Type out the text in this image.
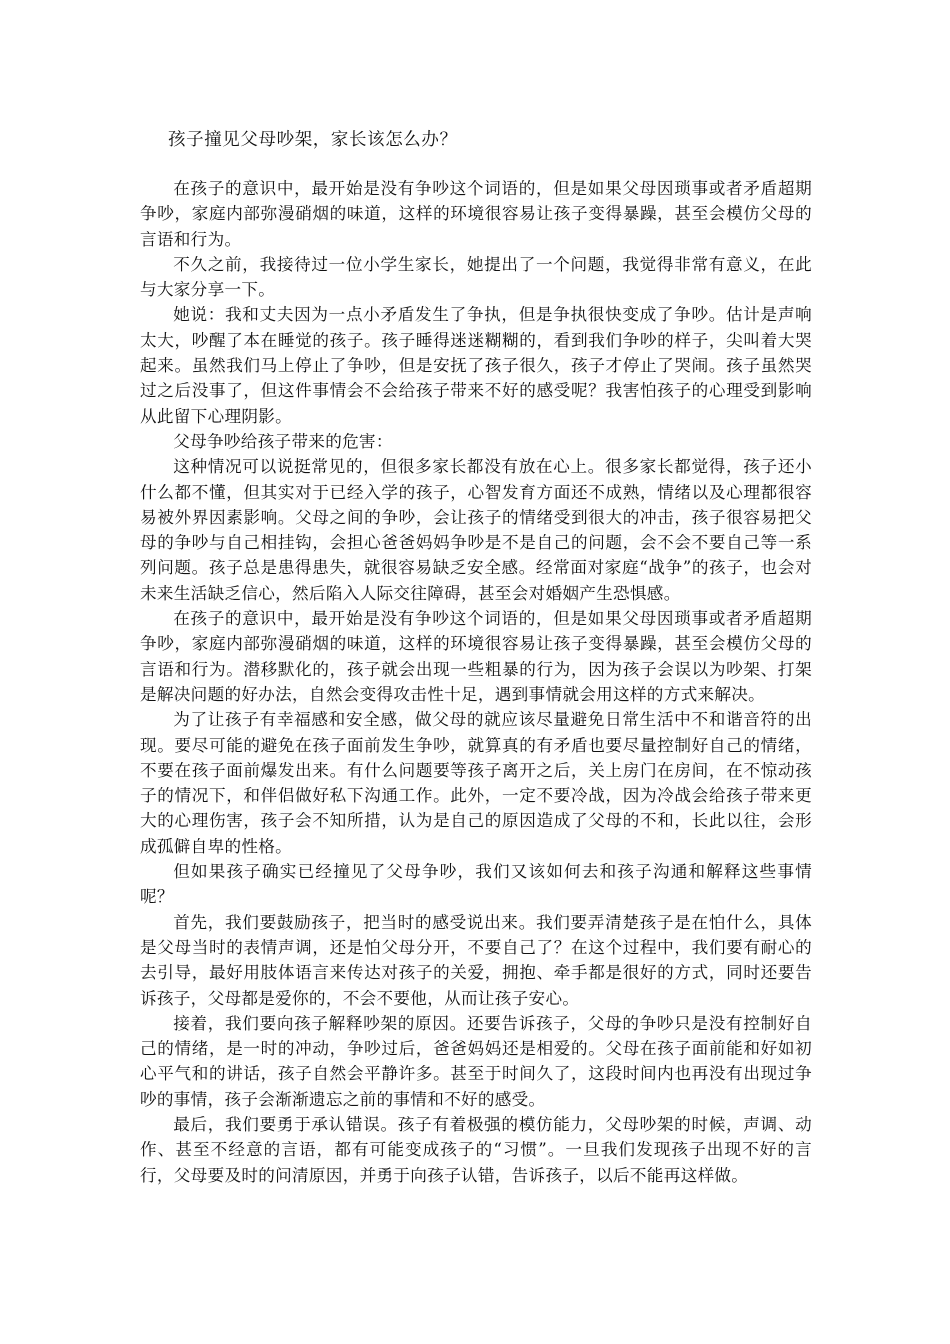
孩子撞见父母吵架，家长该怎么办？

在孩子的意识中，最开始是没有争吵这个词语的，但是如果父母因琐事或者矛盾超期争吵，家庭内部弥漫硝烟的味道，这样的环境很容易让孩子变得暴躁，甚至会模仿父母的言语和行为。

不久之前，我接待过一位小学生家长，她提出了一个问题，我觉得非常有意义，在此与大家分享一下。

她说：我和丈夫因为一点小矛盾发生了争执，但是争执很快变成了争吵。估计是声响太大，吵醒了本在睡觉的孩子。孩子睡得迷迷糊糊的，看到我们争吵的样子，尖叫着大哭起来。虽然我们马上停止了争吵，但是安抚了孩子很久，孩子才停止了哭闹。孩子虽然哭过之后没事了，但这件事情会不会给孩子带来不好的感受呢？我害怕孩子的心理受到影响从此留下心理阴影。

父母争吵给孩子带来的危害：

这种情况可以说挺常见的，但很多家长都没有放在心上。很多家长都觉得，孩子还小什么都不懂，但其实对于已经入学的孩子，心智发育方面还不成熟，情绪以及心理都很容易被外界因素影响。父母之间的争吵，会让孩子的情绪受到很大的冲击，孩子很容易把父母的争吵与自己相挂钩，会担心爸爸妈妈争吵是不是自己的问题，会不会不要自己等一系列问题。孩子总是患得患失，就很容易缺乏安全感。经常面对家庭“战争”的孩子，也会对未来生活缺乏信心，然后陷入人际交往障碍，甚至会对婚姻产生恐惧感。

在孩子的意识中，最开始是没有争吵这个词语的，但是如果父母因琐事或者矛盾超期争吵，家庭内部弥漫硝烟的味道，这样的环境很容易让孩子变得暴躁，甚至会模仿父母的言语和行为。潜移默化的，孩子就会出现一些粗暴的行为，因为孩子会误以为吵架、打架是解决问题的好办法，自然会变得攻击性十足，遇到事情就会用这样的方式来解决。

为了让孩子有幸福感和安全感，做父母的就应该尽量避免日常生活中不和谐音符的出现。要尽可能的避免在孩子面前发生争吵，就算真的有矛盾也要尽量控制好自己的情绪，不要在孩子面前爆发出来。有什么问题要等孩子离开之后，关上房门在房间，在不惊动孩子的情况下，和伴侣做好私下沟通工作。此外，一定不要冷战，因为冷战会给孩子带来更大的心理伤害，孩子会不知所措，认为是自己的原因造成了父母的不和，长此以往，会形成孤僻自卑的性格。

但如果孩子确实已经撞见了父母争吵，我们又该如何去和孩子沟通和解释这些事情呢？

首先，我们要鼓励孩子，把当时的感受说出来。我们要弄清楚孩子是在怕什么，具体是父母当时的表情声调，还是怕父母分开，不要自己了？在这个过程中，我们要有耐心的去引导，最好用肢体语言来传达对孩子的关爱，拥抱、牵手都是很好的方式，同时还要告诉孩子，父母都是爱你的，不会不要他，从而让孩子安心。

接着，我们要向孩子解释吵架的原因。还要告诉孩子，父母的争吵只是没有控制好自己的情绪，是一时的冲动，争吵过后，爸爸妈妈还是相爱的。父母在孩子面前能和好如初心平气和的讲话，孩子自然会平静许多。甚至于时间久了，这段时间内也再没有出现过争吵的事情，孩子会渐渐遗忘之前的事情和不好的感受。

最后，我们要勇于承认错误。孩子有着极强的模仿能力，父母吵架的时候，声调、动作、甚至不经意的言语，都有可能变成孩子的“习惯”。一旦我们发现孩子出现不好的言行，父母要及时的问清原因，并勇于向孩子认错，告诉孩子，以后不能再这样做。
